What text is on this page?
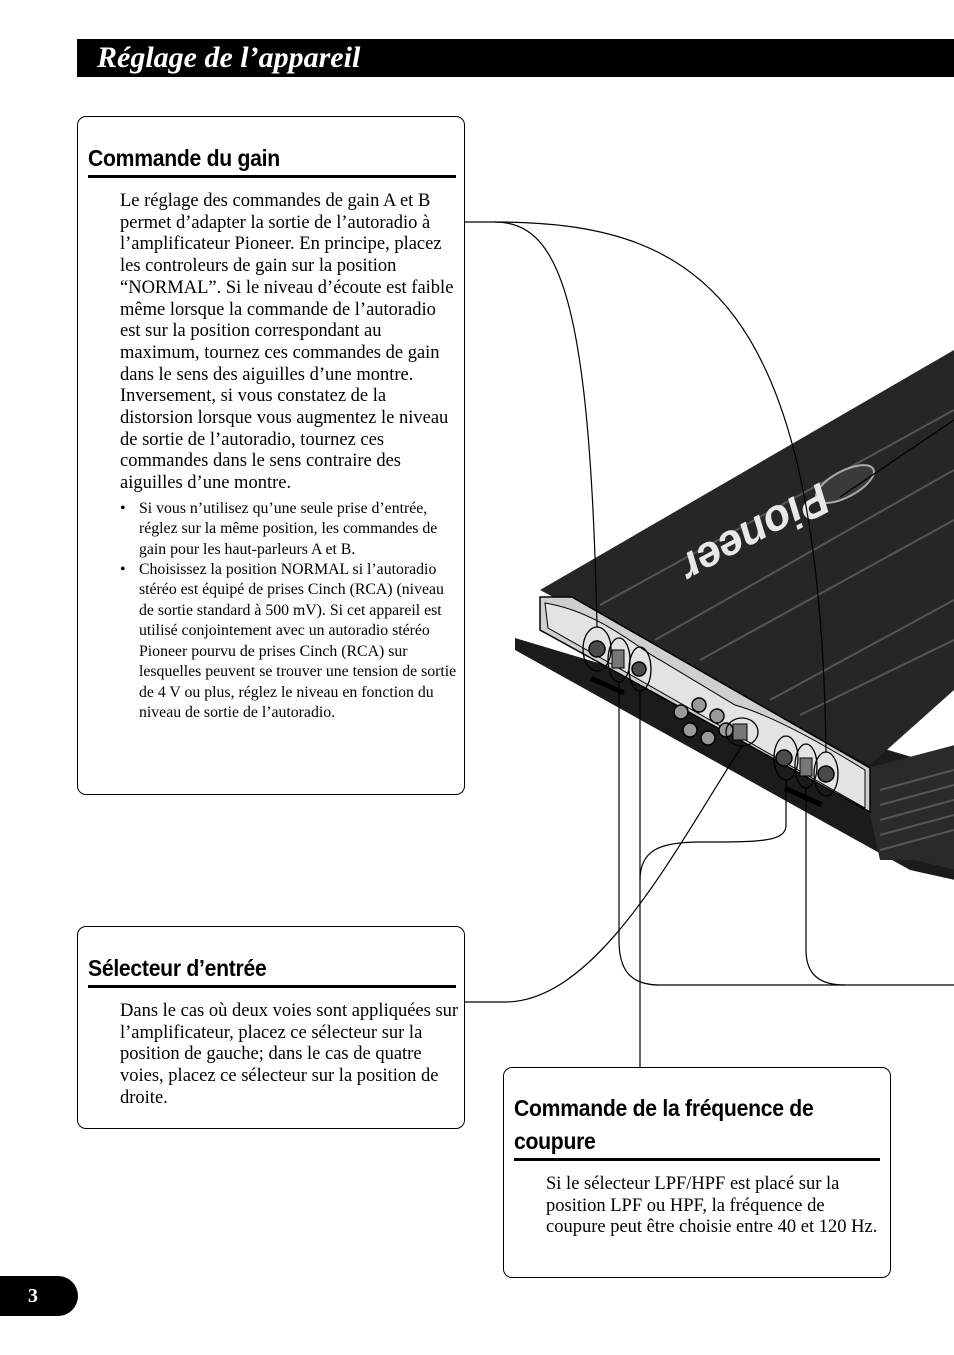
Réglage de l’appareil
Pioneer
Commande du gain

Le réglage des commandes de gain A et B permet d’adapter la sortie de l’autoradio à l’amplificateur Pioneer. En principe, placez les controleurs de gain sur la position “NORMAL”. Si le niveau d’écoute est faible même lorsque la commande de l’autoradio est sur la position correspondant au maximum, tournez ces commandes de gain dans le sens des aiguilles d’une montre. Inversement, si vous constatez de la distorsion lorsque vous augmentez le niveau de sortie de l’autoradio, tournez ces commandes dans le sens contraire des aiguilles d’une montre.

• Si vous n’utilisez qu’une seule prise d’entrée, réglez sur la même position, les commandes de gain pour les haut-parleurs A et B.
• Choisissez la position NORMAL si l’autoradio stéréo est équipé de prises Cinch (RCA) (niveau de sortie standard à 500 mV). Si cet appareil est utilisé conjointement avec un autoradio stéréo Pioneer pourvu de prises Cinch (RCA) sur lesquelles peuvent se trouver une tension de sortie de 4 V ou plus, réglez le niveau en fonction du niveau de sortie de l’autoradio.
Sélecteur d’entrée

Dans le cas où deux voies sont appliquées sur l’amplificateur, placez ce sélecteur sur la position de gauche; dans le cas de quatre voies, placez ce sélecteur sur la position de droite.	Commande de la fréquence de coupure

Si le sélecteur LPF/HPF est placé sur la position LPF ou HPF, la fréquence de coupure peut être choisie entre 40 et 120 Hz.

3
